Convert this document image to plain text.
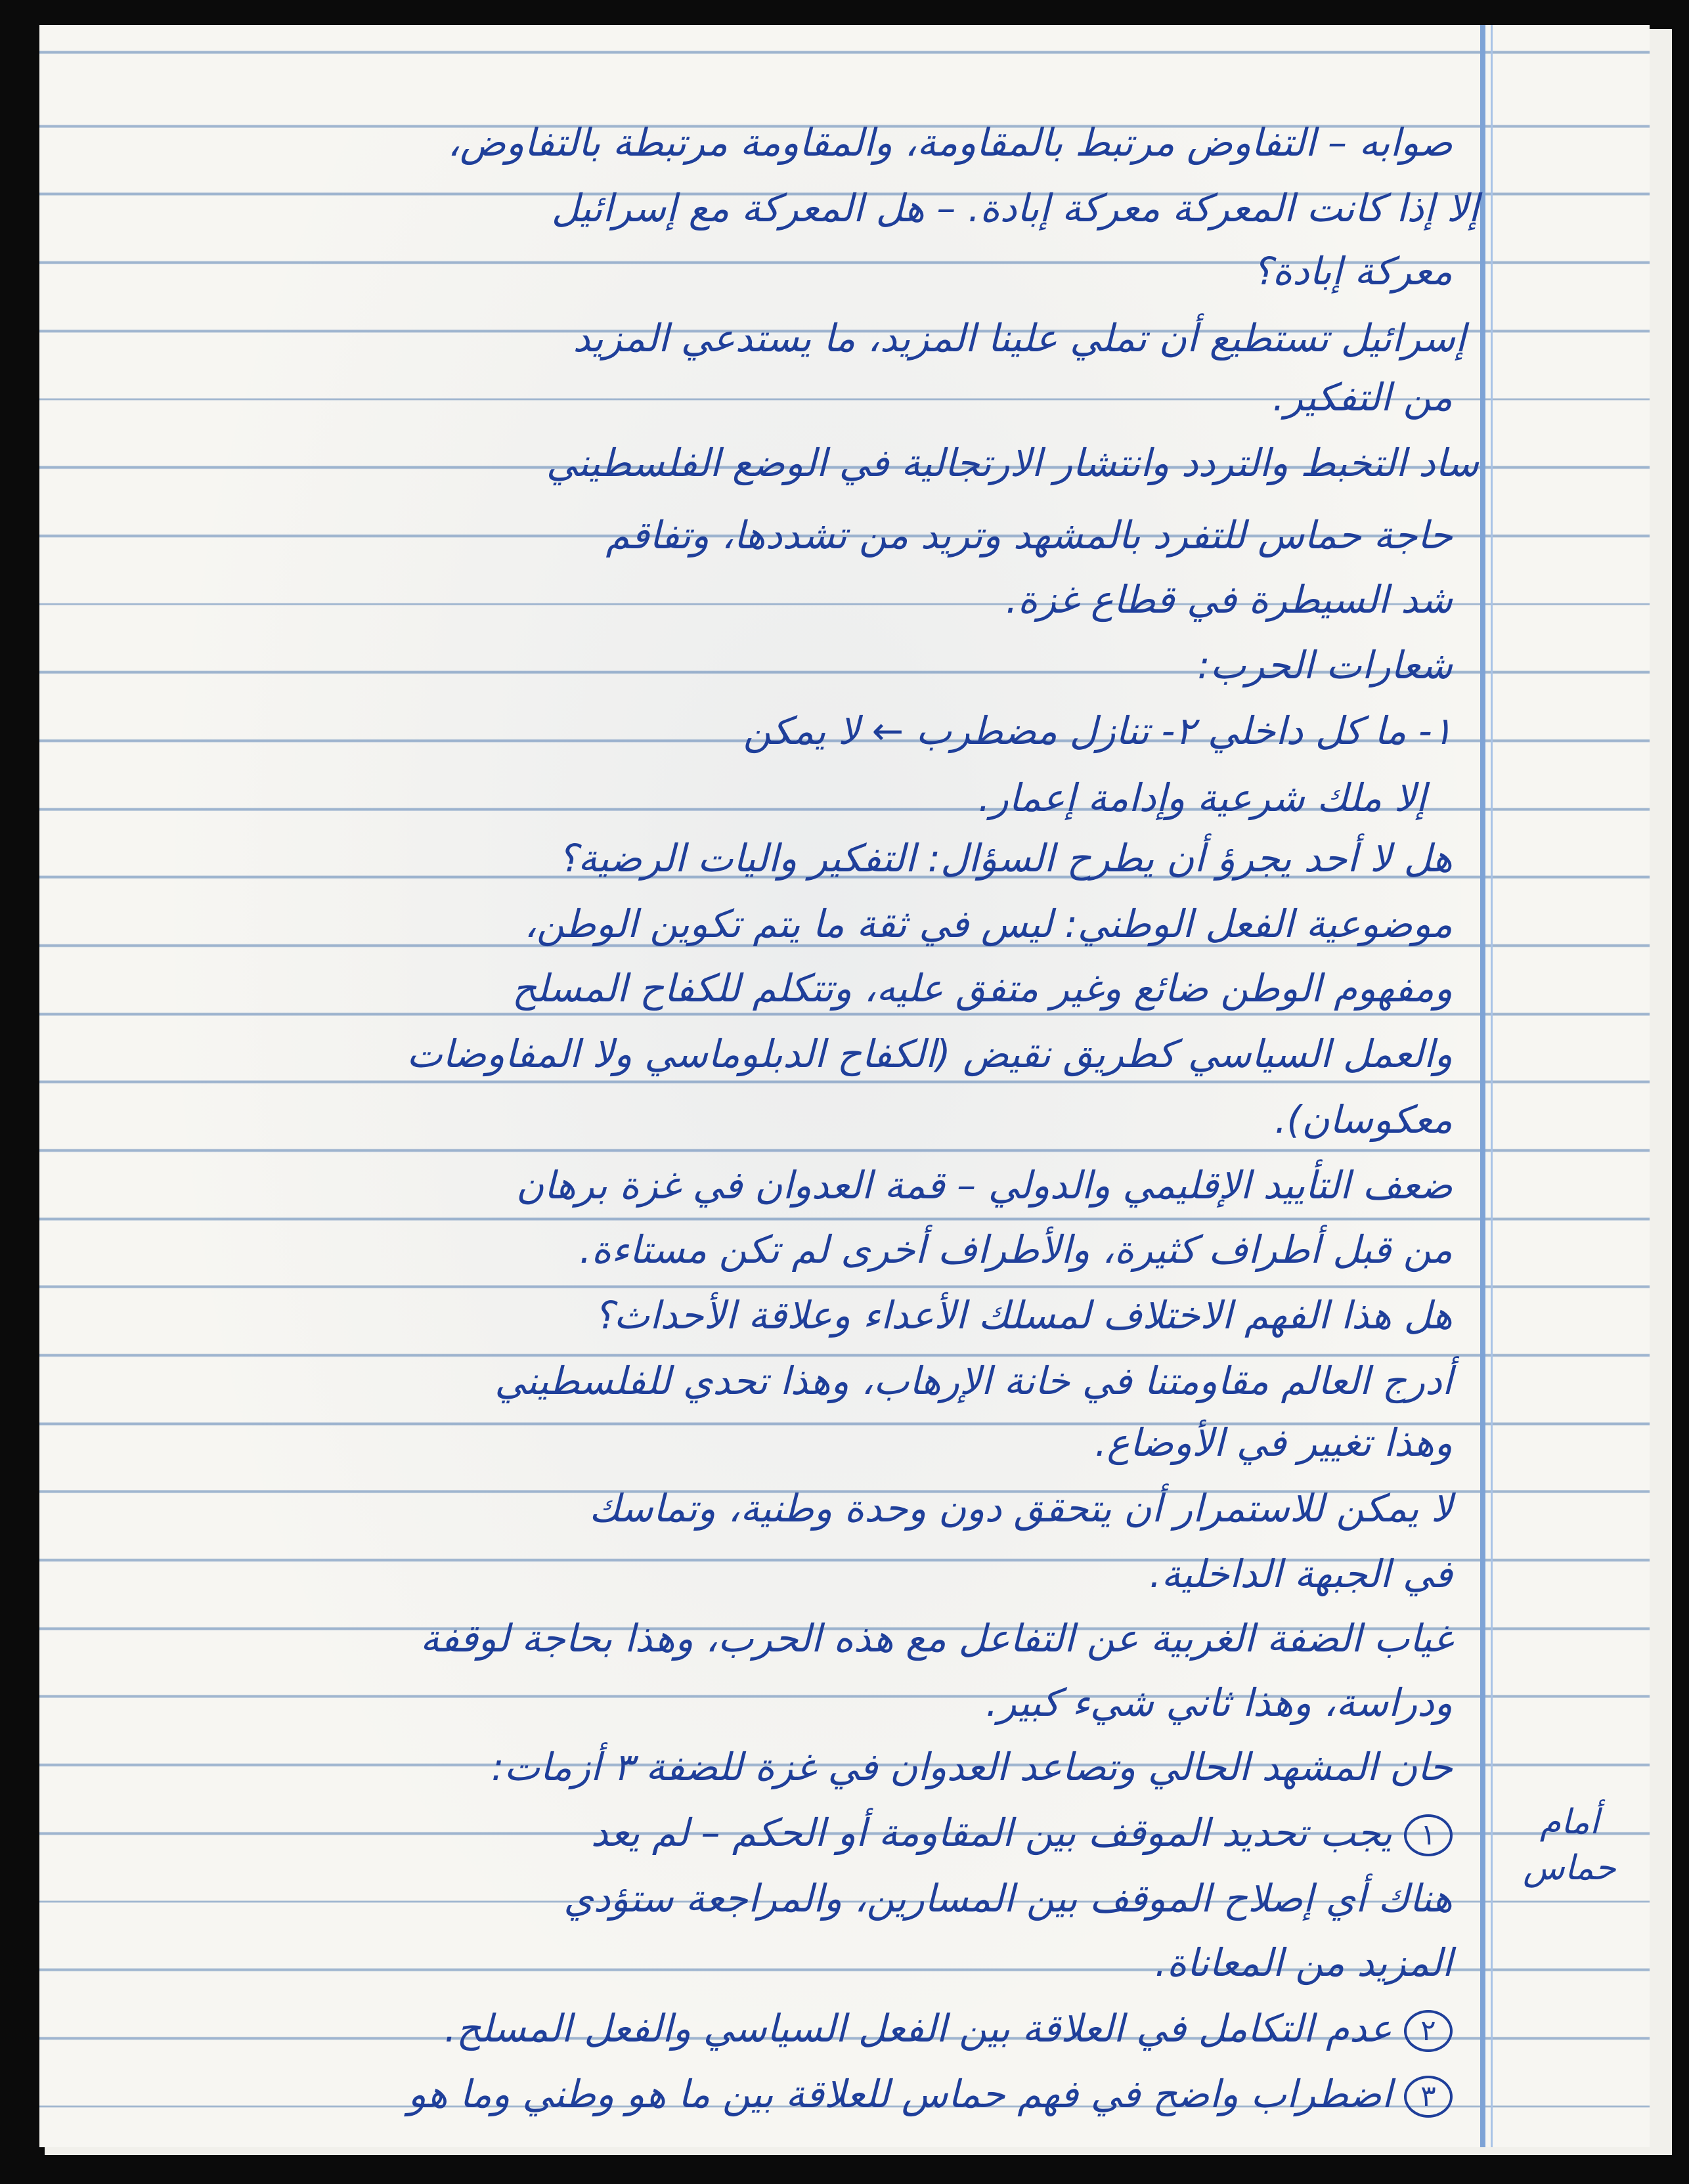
صوابه – التفاوض مرتبط بالمقاومة، والمقاومة مرتبطة بالتفاوض،
إلا إذا كانت المعركة معركة إبادة. – هل المعركة مع إسرائيل
معركة إبادة؟
إسرائيل تستطيع أن تملي علينا المزيد، ما يستدعي المزيد
من التفكير.
ساد التخبط والتردد وانتشار الارتجالية في الوضع الفلسطيني
حاجة حماس للتفرد بالمشهد وتريد من تشددها، وتفاقم
شد السيطرة في قطاع غزة.
شعارات الحرب:
١- ما كل داخلي ٢- تنازل مضطرب ← لا يمكن
إلا ملك شرعية وإدامة إعمار.
هل لا أحد يجرؤ أن يطرح السؤال: التفكير واليات الرضية؟
موضوعية الفعل الوطني: ليس في ثقة ما يتم تكوين الوطن،
ومفهوم الوطن ضائع وغير متفق عليه، وتتكلم للكفاح المسلح
والعمل السياسي كطريق نقيض (الكفاح الدبلوماسي ولا المفاوضات
معكوسان).
ضعف التأييد الإقليمي والدولي – قمة العدوان في غزة برهان
من قبل أطراف كثيرة، والأطراف أخرى لم تكن مستاءة.
هل هذا الفهم الاختلاف لمسلك الأعداء وعلاقة الأحداث؟
أدرج العالم مقاومتنا في خانة الإرهاب، وهذا تحدي للفلسطيني
وهذا تغيير في الأوضاع.
لا يمكن للاستمرار أن يتحقق دون وحدة وطنية، وتماسك
في الجبهة الداخلية.
غياب الضفة الغربية عن التفاعل مع هذه الحرب، وهذا بحاجة لوقفة
ودراسة، وهذا ثاني شيء كبير.
حان المشهد الحالي وتصاعد العدوان في غزة للضفة ٣ أزمات:
١يجب تحديد الموقف بين المقاومة أو الحكم – لم يعد
هناك أي إصلاح الموقف بين المسارين، والمراجعة ستؤدي
المزيد من المعاناة.
٢عدم التكامل في العلاقة بين الفعل السياسي والفعل المسلح.
٣اضطراب واضح في فهم حماس للعلاقة بين ما هو وطني وما هو
أمام
حماس
